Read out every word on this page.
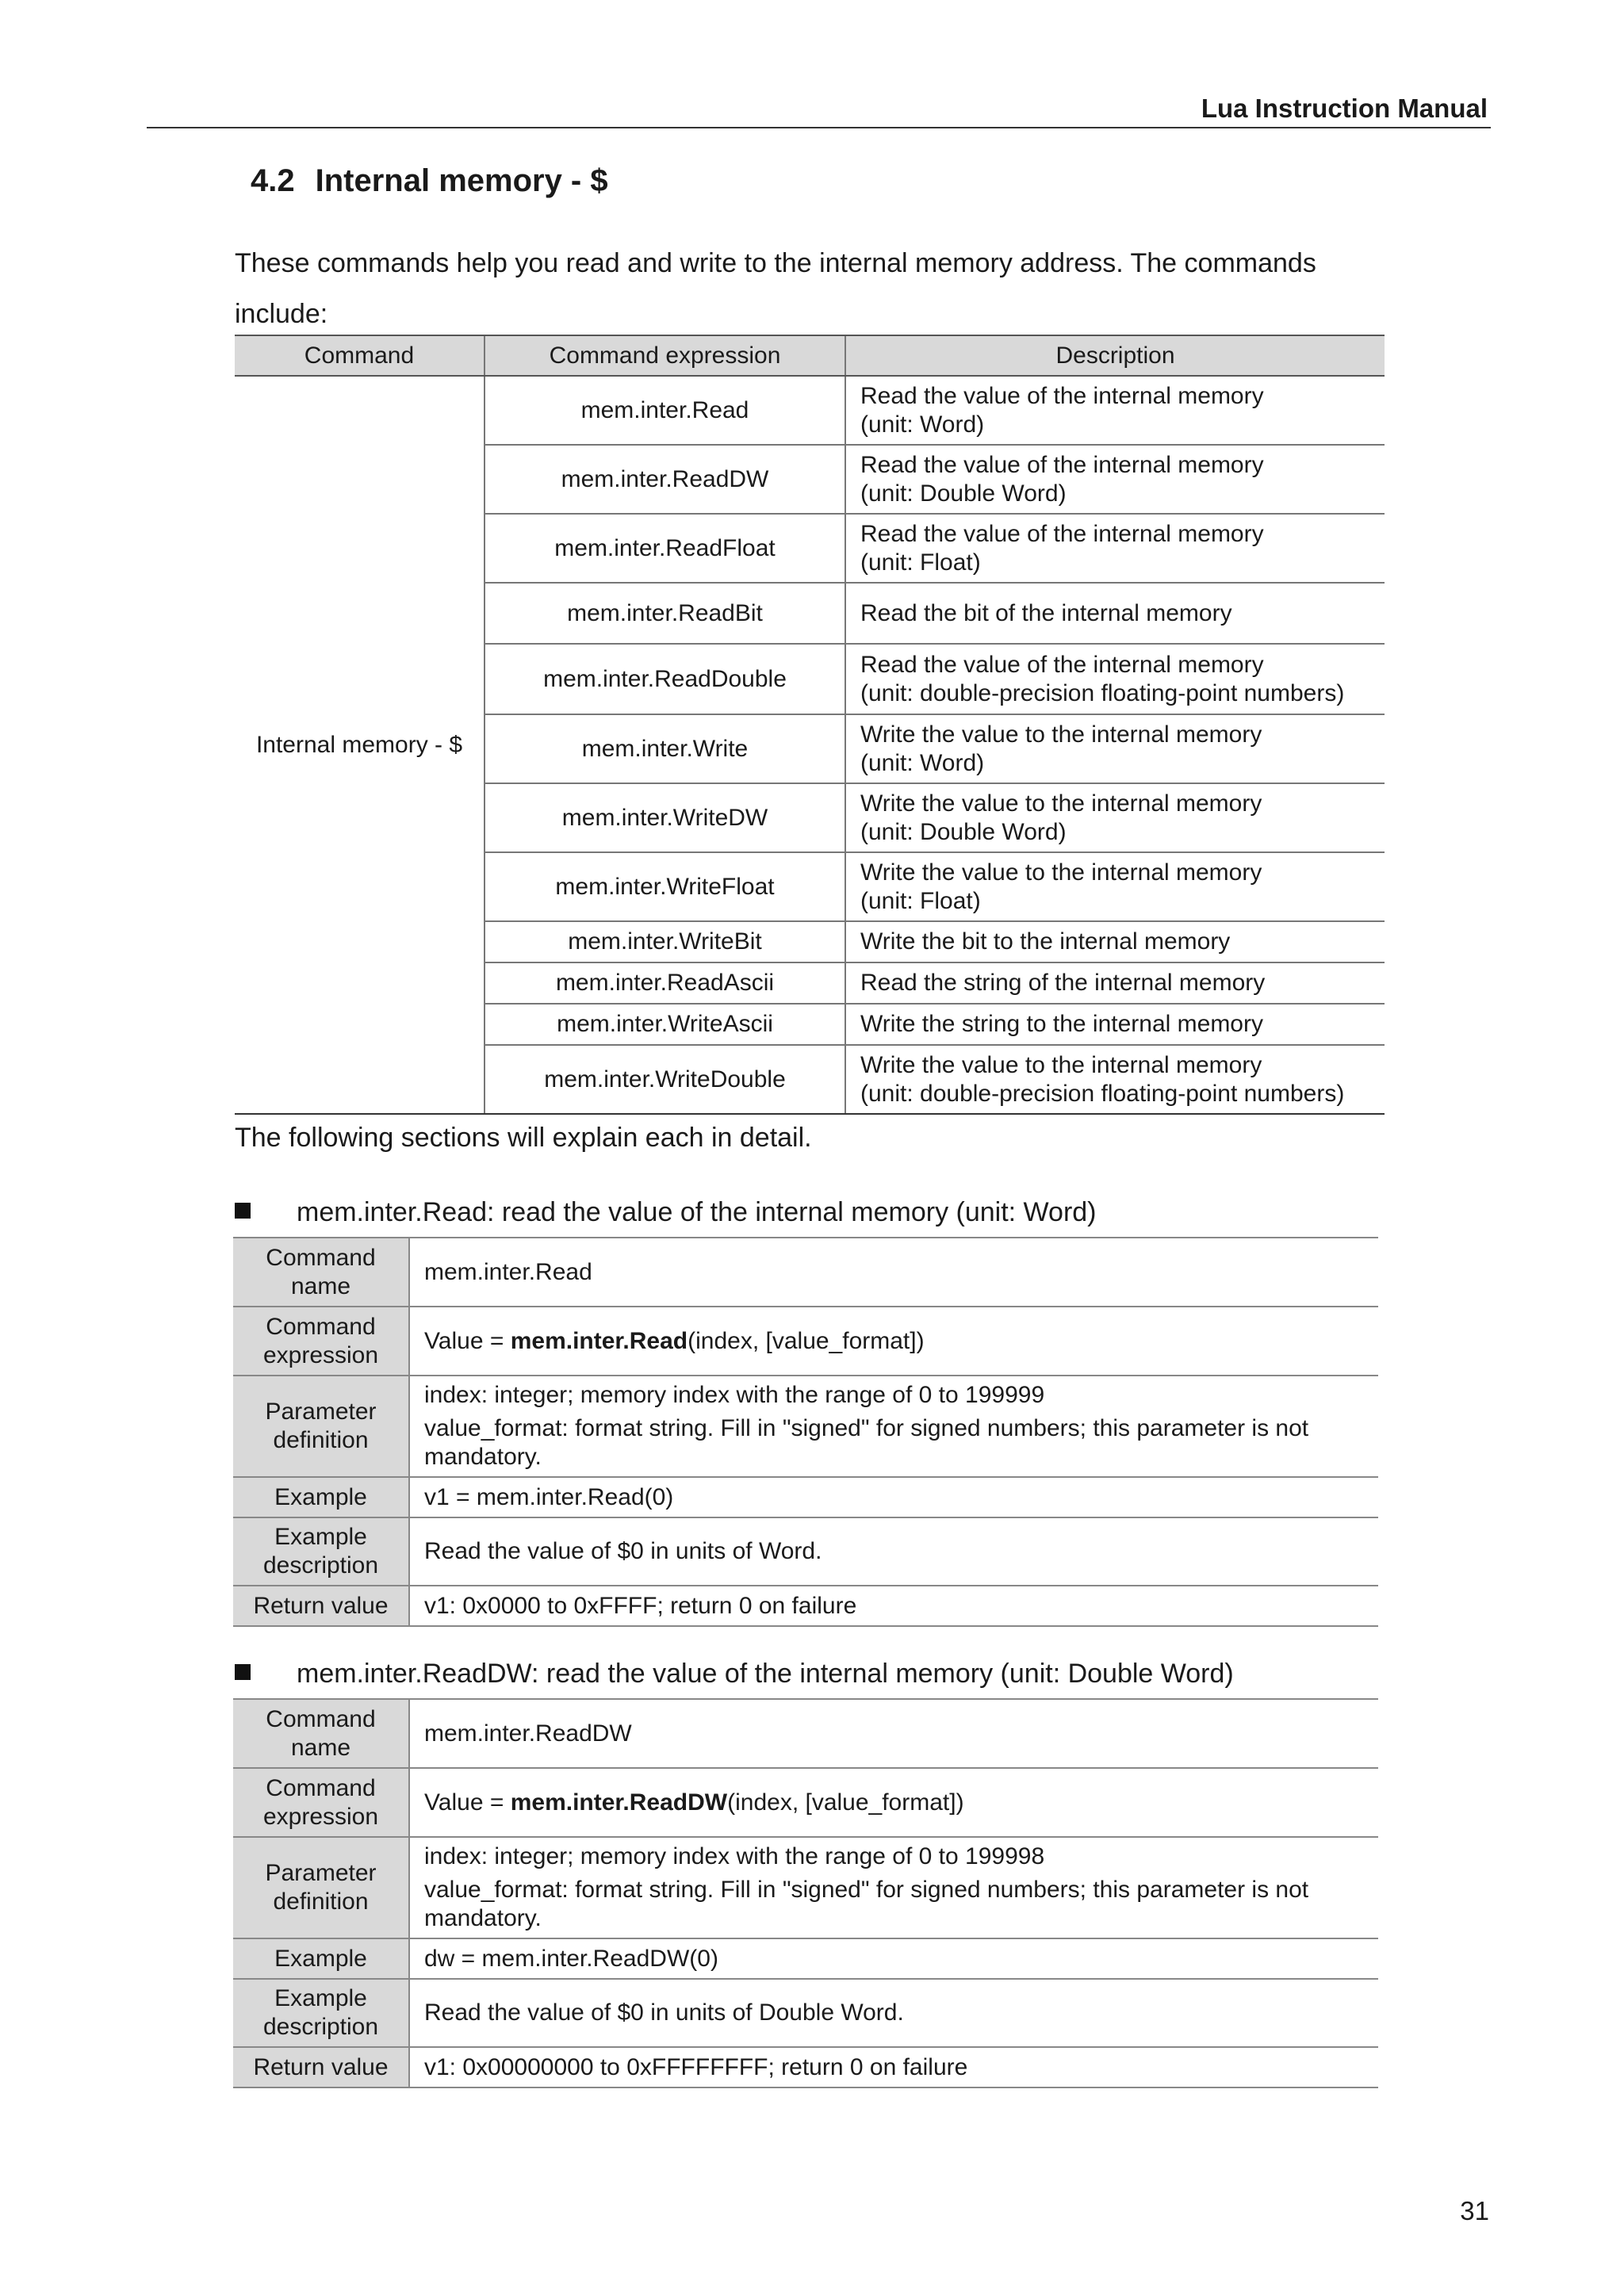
Lua Instruction Manual
4.2 Internal memory - $

These commands help you read and write to the internal memory address. The commands include:

Command	Command expression	Description
Internal memory - $	mem.inter.Read	Read the value of the internal memory
(unit: Word)

	mem.inter.ReadDW	Read the value of the internal memory
(unit: Double Word)

	mem.inter.ReadFloat	Read the value of the internal memory
(unit: Float)

	mem.inter.ReadBit	Read the bit of the internal memory
	mem.inter.ReadDouble	Read the value of the internal memory
(unit: double-precision floating-point numbers)

	mem.inter.Write	Write the value to the internal memory
(unit: Word)

	mem.inter.WriteDW	Write the value to the internal memory
(unit: Double Word)

	mem.inter.WriteFloat	Write the value to the internal memory
(unit: Float)

	mem.inter.WriteBit	Write the bit to the internal memory
	mem.inter.ReadAscii	Read the string of the internal memory
	mem.inter.WriteAscii	Write the string to the internal memory
	mem.inter.WriteDouble	Write the value to the internal memory
(unit: double-precision floating-point numbers)

The following sections will explain each in detail.

mem.inter.Read: read the value of the internal memory (unit: Word)
Command name	mem.inter.Read
Command expression	Value = mem.inter.Read(index, [value_format])
Parameter definition	index: integer; memory index with the range of 0 to 199999
value_format: format string. Fill in "signed" for signed numbers; this parameter is not mandatory.

Example	v1 = mem.inter.Read(0)
Example description	Read the value of $0 in units of Word.
Return value	v1: 0x0000 to 0xFFFF; return 0 on failure
mem.inter.ReadDW: read the value of the internal memory (unit: Double Word)
Command name	mem.inter.ReadDW
Command expression	Value = mem.inter.ReadDW(index, [value_format])
Parameter definition	index: integer; memory index with the range of 0 to 199998
value_format: format string. Fill in "signed" for signed numbers; this parameter is not mandatory.

Example	dw = mem.inter.ReadDW(0)
Example description	Read the value of $0 in units of Double Word.
Return value	v1: 0x00000000 to 0xFFFFFFFF; return 0 on failure
31
